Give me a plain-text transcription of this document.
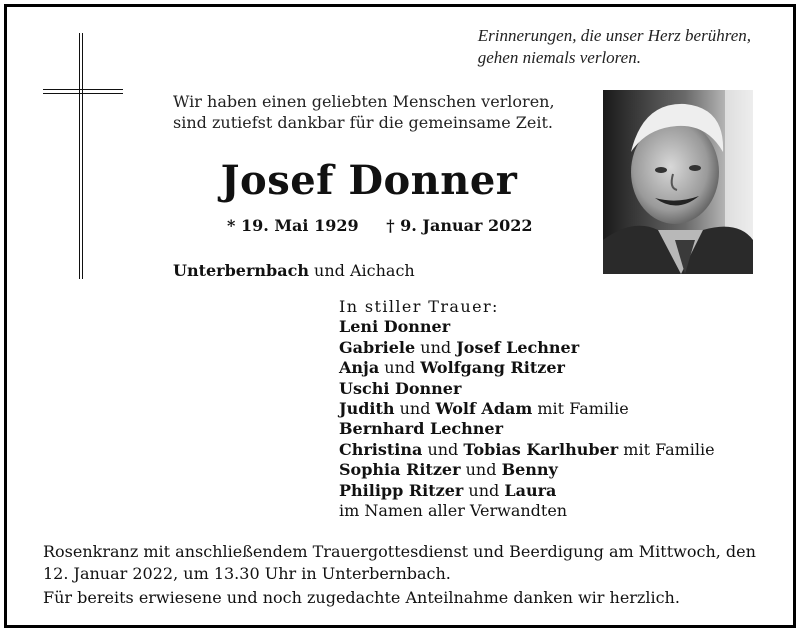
Erinnerungen, die unser Herz berühren,
gehen niemals verloren.
Wir haben einen geliebten Menschen verloren,
sind zutiefst dankbar für die gemeinsame Zeit.
Josef Donner
* 19. Mai 1929 † 9. Januar 2022
Unterbernbach und Aichach
In stiller Trauer:
Leni Donner
Gabriele und Josef Lechner
Anja und Wolfgang Ritzer
Uschi Donner
Judith und Wolf Adam mit Familie
Bernhard Lechner
Christina und Tobias Karlhuber mit Familie
Sophia Ritzer und Benny
Philipp Ritzer und Laura
im Namen aller Verwandten
Rosenkranz mit anschließendem Trauergottesdienst und Beerdigung am Mittwoch, den
12. Januar 2022, um 13.30 Uhr in Unterbernbach.
Für bereits erwiesene und noch zugedachte Anteilnahme danken wir herzlich.
